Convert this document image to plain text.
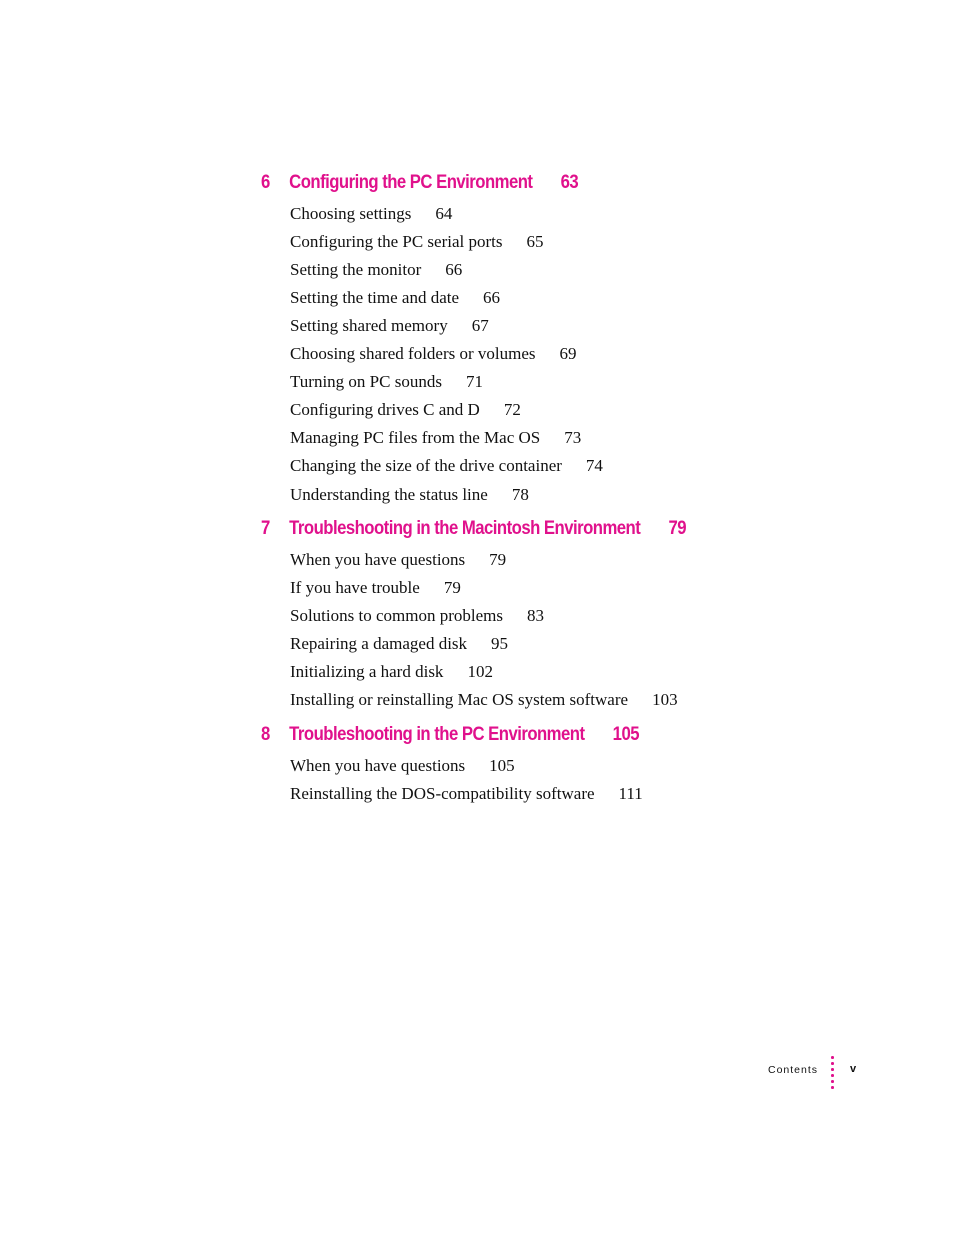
6 Configuring the PC Environment 63
Choosing settings 64
Configuring the PC serial ports 65
Setting the monitor 66
Setting the time and date 66
Setting shared memory 67
Choosing shared folders or volumes 69
Turning on PC sounds 71
Configuring drives C and D 72
Managing PC files from the Mac OS 73
Changing the size of the drive container 74
Understanding the status line 78
7 Troubleshooting in the Macintosh Environment 79
When you have questions 79
If you have trouble 79
Solutions to common problems 83
Repairing a damaged disk 95
Initializing a hard disk 102
Installing or reinstalling Mac OS system software 103
8 Troubleshooting in the PC Environment 105
When you have questions 105
Reinstalling the DOS-compatibility software 111
Contents	v
